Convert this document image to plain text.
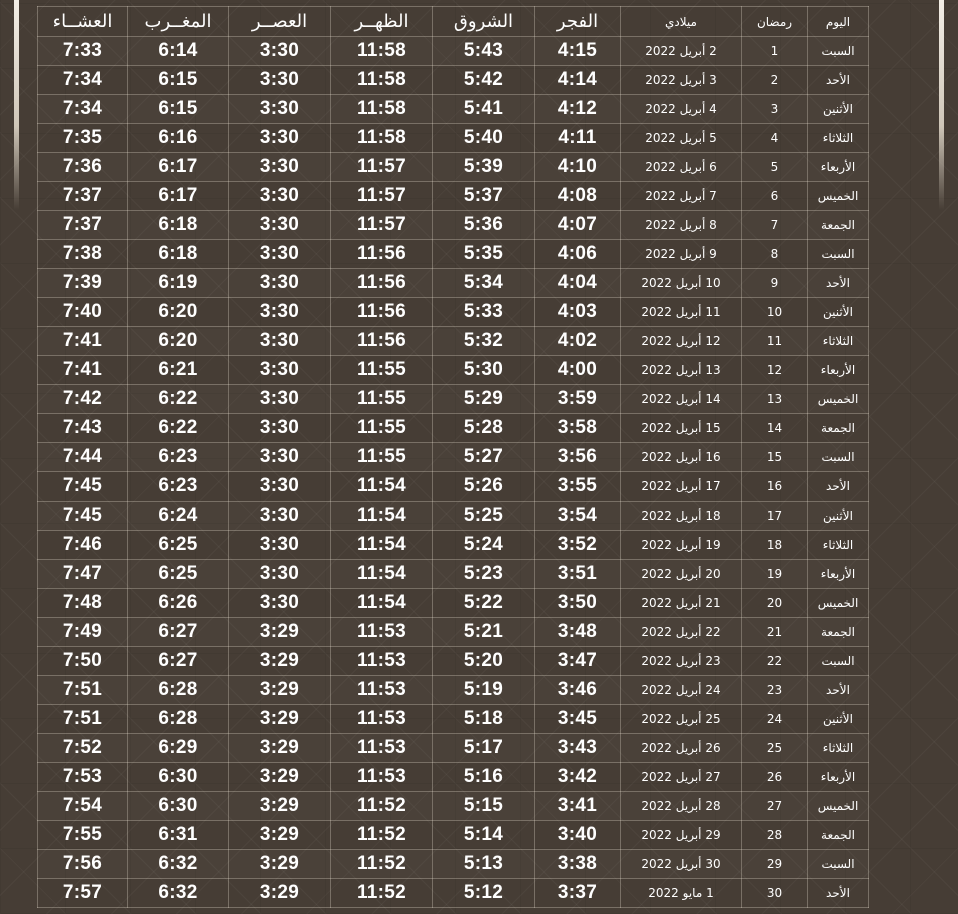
اليوم	رمضان	ميلادي	الفجر	الشروق	الظهــر	العصــر	المغــرب	العشــاء
السبت	1	2 أبريل 2022	4:15	5:43	11:58	3:30	6:14	7:33
الأحد	2	3 أبريل 2022	4:14	5:42	11:58	3:30	6:15	7:34
الأثنين	3	4 أبريل 2022	4:12	5:41	11:58	3:30	6:15	7:34
الثلاثاء	4	5 أبريل 2022	4:11	5:40	11:58	3:30	6:16	7:35
الأربعاء	5	6 أبريل 2022	4:10	5:39	11:57	3:30	6:17	7:36
الخميس	6	7 أبريل 2022	4:08	5:37	11:57	3:30	6:17	7:37
الجمعة	7	8 أبريل 2022	4:07	5:36	11:57	3:30	6:18	7:37
السبت	8	9 أبريل 2022	4:06	5:35	11:56	3:30	6:18	7:38
الأحد	9	10 أبريل 2022	4:04	5:34	11:56	3:30	6:19	7:39
الأثنين	10	11 أبريل 2022	4:03	5:33	11:56	3:30	6:20	7:40
الثلاثاء	11	12 أبريل 2022	4:02	5:32	11:56	3:30	6:20	7:41
الأربعاء	12	13 أبريل 2022	4:00	5:30	11:55	3:30	6:21	7:41
الخميس	13	14 أبريل 2022	3:59	5:29	11:55	3:30	6:22	7:42
الجمعة	14	15 أبريل 2022	3:58	5:28	11:55	3:30	6:22	7:43
السبت	15	16 أبريل 2022	3:56	5:27	11:55	3:30	6:23	7:44
الأحد	16	17 أبريل 2022	3:55	5:26	11:54	3:30	6:23	7:45
الأثنين	17	18 أبريل 2022	3:54	5:25	11:54	3:30	6:24	7:45
الثلاثاء	18	19 أبريل 2022	3:52	5:24	11:54	3:30	6:25	7:46
الأربعاء	19	20 أبريل 2022	3:51	5:23	11:54	3:30	6:25	7:47
الخميس	20	21 أبريل 2022	3:50	5:22	11:54	3:30	6:26	7:48
الجمعة	21	22 أبريل 2022	3:48	5:21	11:53	3:29	6:27	7:49
السبت	22	23 أبريل 2022	3:47	5:20	11:53	3:29	6:27	7:50
الأحد	23	24 أبريل 2022	3:46	5:19	11:53	3:29	6:28	7:51
الأثنين	24	25 أبريل 2022	3:45	5:18	11:53	3:29	6:28	7:51
الثلاثاء	25	26 أبريل 2022	3:43	5:17	11:53	3:29	6:29	7:52
الأربعاء	26	27 أبريل 2022	3:42	5:16	11:53	3:29	6:30	7:53
الخميس	27	28 أبريل 2022	3:41	5:15	11:52	3:29	6:30	7:54
الجمعة	28	29 أبريل 2022	3:40	5:14	11:52	3:29	6:31	7:55
السبت	29	30 أبريل 2022	3:38	5:13	11:52	3:29	6:32	7:56
الأحد	30	1 مايو 2022	3:37	5:12	11:52	3:29	6:32	7:57
